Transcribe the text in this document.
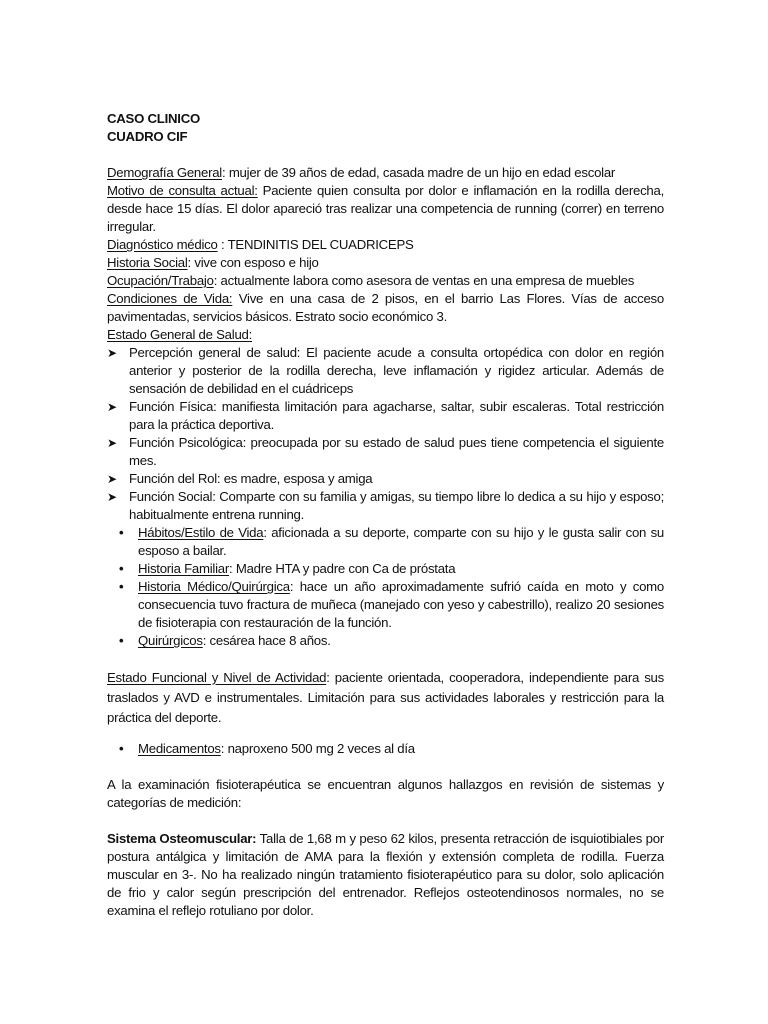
CASO CLINICO
CUADRO CIF

Demografía General: mujer de 39 años de edad, casada madre de un hijo en edad escolar

Motivo de consulta actual: Paciente quien consulta por dolor e inflamación en la rodilla derecha, desde hace 15 días. El dolor apareció tras realizar una competencia de running (correr) en terreno irregular.

Diagnóstico médico : TENDINITIS DEL CUADRICEPS

Historia Social: vive con esposo e hijo

Ocupación/Trabajo: actualmente labora como asesora de ventas en una empresa de muebles

Condiciones de Vida: Vive en una casa de 2 pisos, en el barrio Las Flores. Vías de acceso pavimentadas, servicios básicos. Estrato socio económico 3.

Estado General de Salud:

➤ Percepción general de salud: El paciente acude a consulta ortopédica con dolor en región anterior y posterior de la rodilla derecha, leve inflamación y rigidez articular. Además de sensación de debilidad en el cuádriceps
➤ Función Física: manifiesta limitación para agacharse, saltar, subir escaleras. Total restricción para la práctica deportiva.
➤ Función Psicológica: preocupada por su estado de salud pues tiene competencia el siguiente mes.
➤ Función del Rol: es madre, esposa y amiga
➤ Función Social: Comparte con su familia y amigas, su tiempo libre lo dedica a su hijo y esposo; habitualmente entrena running.
• Hábitos/Estilo de Vida: aficionada a su deporte, comparte con su hijo y le gusta salir con su esposo a bailar.
• Historia Familiar: Madre HTA y padre con Ca de próstata
• Historia Médico/Quirúrgica: hace un año aproximadamente sufrió caída en moto y como consecuencia tuvo fractura de muñeca (manejado con yeso y cabestrillo), realizo 20 sesiones de fisioterapia con restauración de la función.
• Quirúrgicos: cesárea hace 8 años.

Estado Funcional y Nivel de Actividad: paciente orientada, cooperadora, independiente para sus traslados y AVD e instrumentales. Limitación para sus actividades laborales y restricción para la práctica del deporte.

• Medicamentos: naproxeno 500 mg 2 veces al día

A la examinación fisioterapéutica se encuentran algunos hallazgos en revisión de sistemas y categorías de medición:

Sistema Osteomuscular: Talla de 1,68 m y peso 62 kilos, presenta retracción de isquiotibiales por postura antálgica y limitación de AMA para la flexión y extensión completa de rodilla. Fuerza muscular en 3-. No ha realizado ningún tratamiento fisioterapéutico para su dolor, solo aplicación de frio y calor según prescripción del entrenador. Reflejos osteotendinosos normales, no se examina el reflejo rotuliano por dolor.
